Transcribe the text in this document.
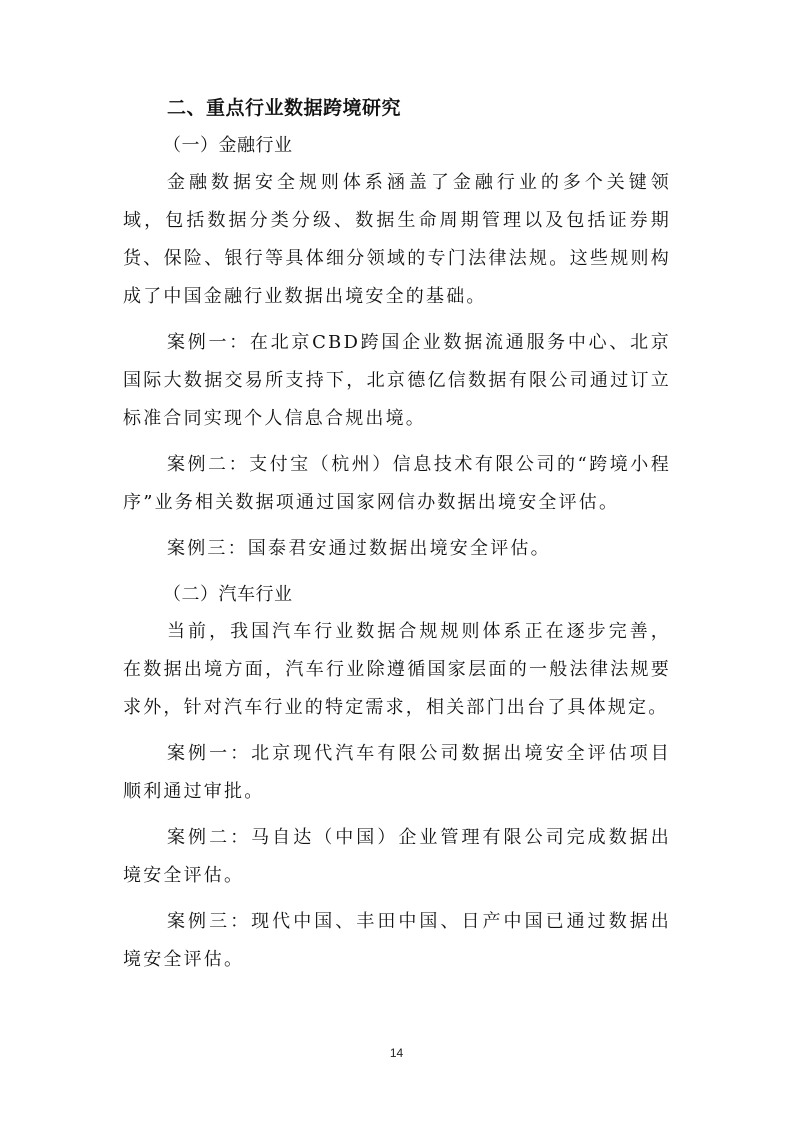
二、重点行业数据跨境研究

（一）金融行业

金融数据安全规则体系涵盖了金融行业的多个关键领域，包括数据分类分级、数据生命周期管理以及包括证券期货、保险、银行等具体细分领域的专门法律法规。这些规则构成了中国金融行业数据出境安全的基础。

案例一：在北京CBD跨国企业数据流通服务中心、北京国际大数据交易所支持下，北京德亿信数据有限公司通过订立标准合同实现个人信息合规出境。

案例二：支付宝（杭州）信息技术有限公司的“跨境小程序”业务相关数据项通过国家网信办数据出境安全评估。

案例三：国泰君安通过数据出境安全评估。

（二）汽车行业

当前，我国汽车行业数据合规规则体系正在逐步完善，在数据出境方面，汽车行业除遵循国家层面的一般法律法规要求外，针对汽车行业的特定需求，相关部门出台了具体规定。

案例一：北京现代汽车有限公司数据出境安全评估项目顺利通过审批。

案例二：马自达（中国）企业管理有限公司完成数据出境安全评估。

案例三：现代中国、丰田中国、日产中国已通过数据出境安全评估。

14
